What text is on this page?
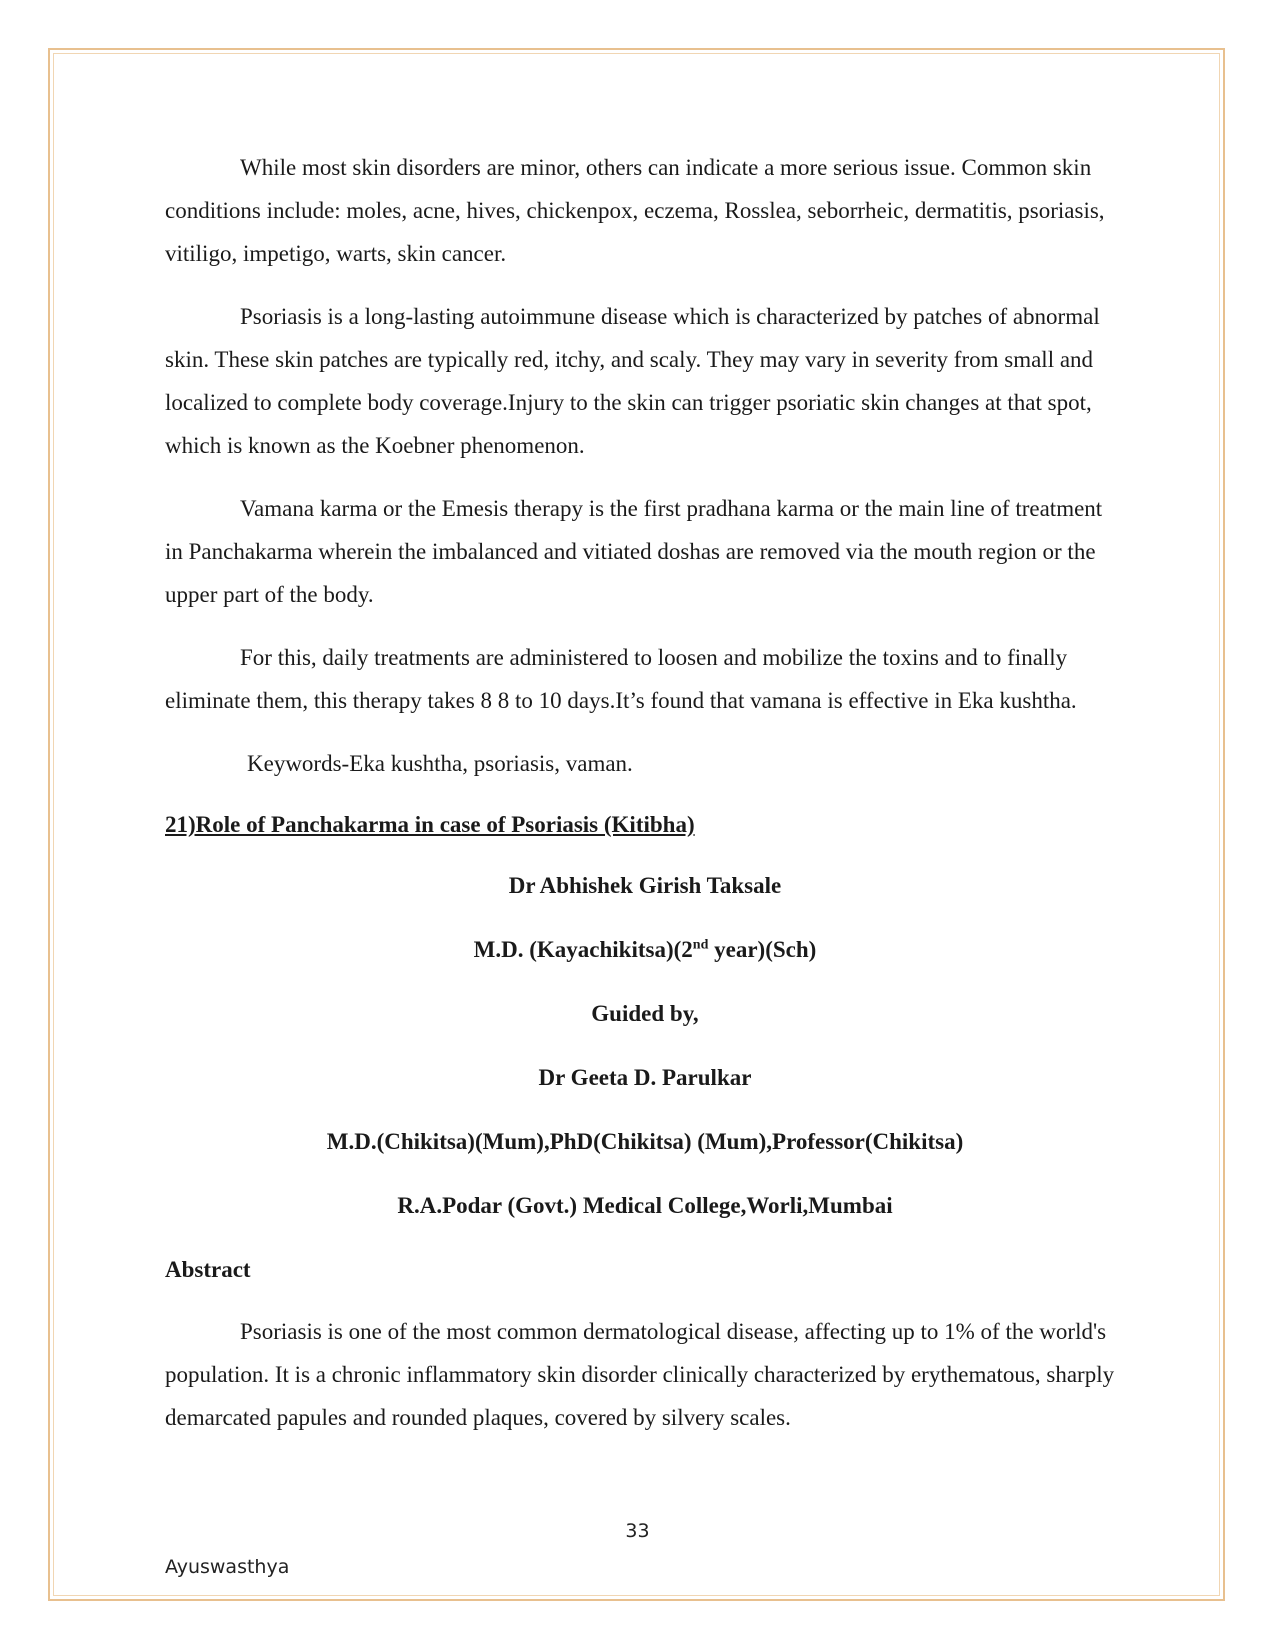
While most skin disorders are minor, others can indicate a more serious issue. Common skin conditions include: moles, acne, hives, chickenpox, eczema, Rosslea, seborrheic, dermatitis, psoriasis, vitiligo, impetigo, warts, skin cancer.

Psoriasis is a long-lasting autoimmune disease which is characterized by patches of abnormal skin. These skin patches are typically red, itchy, and scaly. They may vary in severity from small and localized to complete body coverage.Injury to the skin can trigger psoriatic skin changes at that spot, which is known as the Koebner phenomenon.

Vamana karma or the Emesis therapy is the first pradhana karma or the main line of treatment in Panchakarma wherein the imbalanced and vitiated doshas are removed via the mouth region or the upper part of the body.

For this, daily treatments are administered to loosen and mobilize the toxins and to finally eliminate them, this therapy takes 8 8 to 10 days.It’s found that vamana is effective in Eka kushtha.

Keywords-Eka kushtha, psoriasis, vaman.

21)Role of Panchakarma in case of Psoriasis (Kitibha)

Dr Abhishek Girish Taksale

M.D. (Kayachikitsa)(2nd year)(Sch)

Guided by,

Dr Geeta D. Parulkar

M.D.(Chikitsa)(Mum),PhD(Chikitsa) (Mum),Professor(Chikitsa)

R.A.Podar (Govt.) Medical College,Worli,Mumbai

Abstract

Psoriasis is one of the most common dermatological disease, affecting up to 1% of the world's population. It is a chronic inflammatory skin disorder clinically characterized by erythematous, sharply demarcated papules and rounded plaques, covered by silvery scales.

33
Ayuswasthya
